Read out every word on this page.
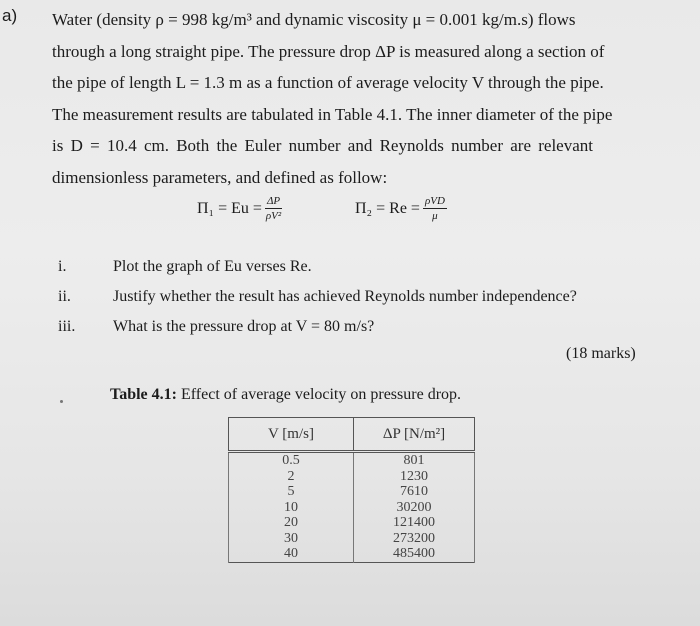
a) Water (density ρ = 998 kg/m³ and dynamic viscosity μ = 0.001 kg/m.s) flows

through a long straight pipe. The pressure drop ΔP is measured along a section of

the pipe of length L = 1.3 m as a function of average velocity V through the pipe.

The measurement results are tabulated in Table 4.1. The inner diameter of the pipe

is D = 10.4 cm. Both the Euler number and Reynolds number are relevant

dimensionless parameters, and defined as follow:

$\Pi_1 = Eu = \frac{\Delta P}{\text{ρV²}}$	$\Pi_2 = Re = \frac{\text{ρVD}}{\mu}$
i.	Plot the graph of Eu verses Re.
ii.	Justify whether the result has achieved Reynolds number independence?
iii. What is the pressure drop at V = 80 m/s?
(18 marks)
Table 4.1: Effect of average velocity on pressure drop.
V [m/s]	ΔP [N/m²]
0.5	801
2	1230
5	7610
10	30200
20	121400
30	273200
40	485400
